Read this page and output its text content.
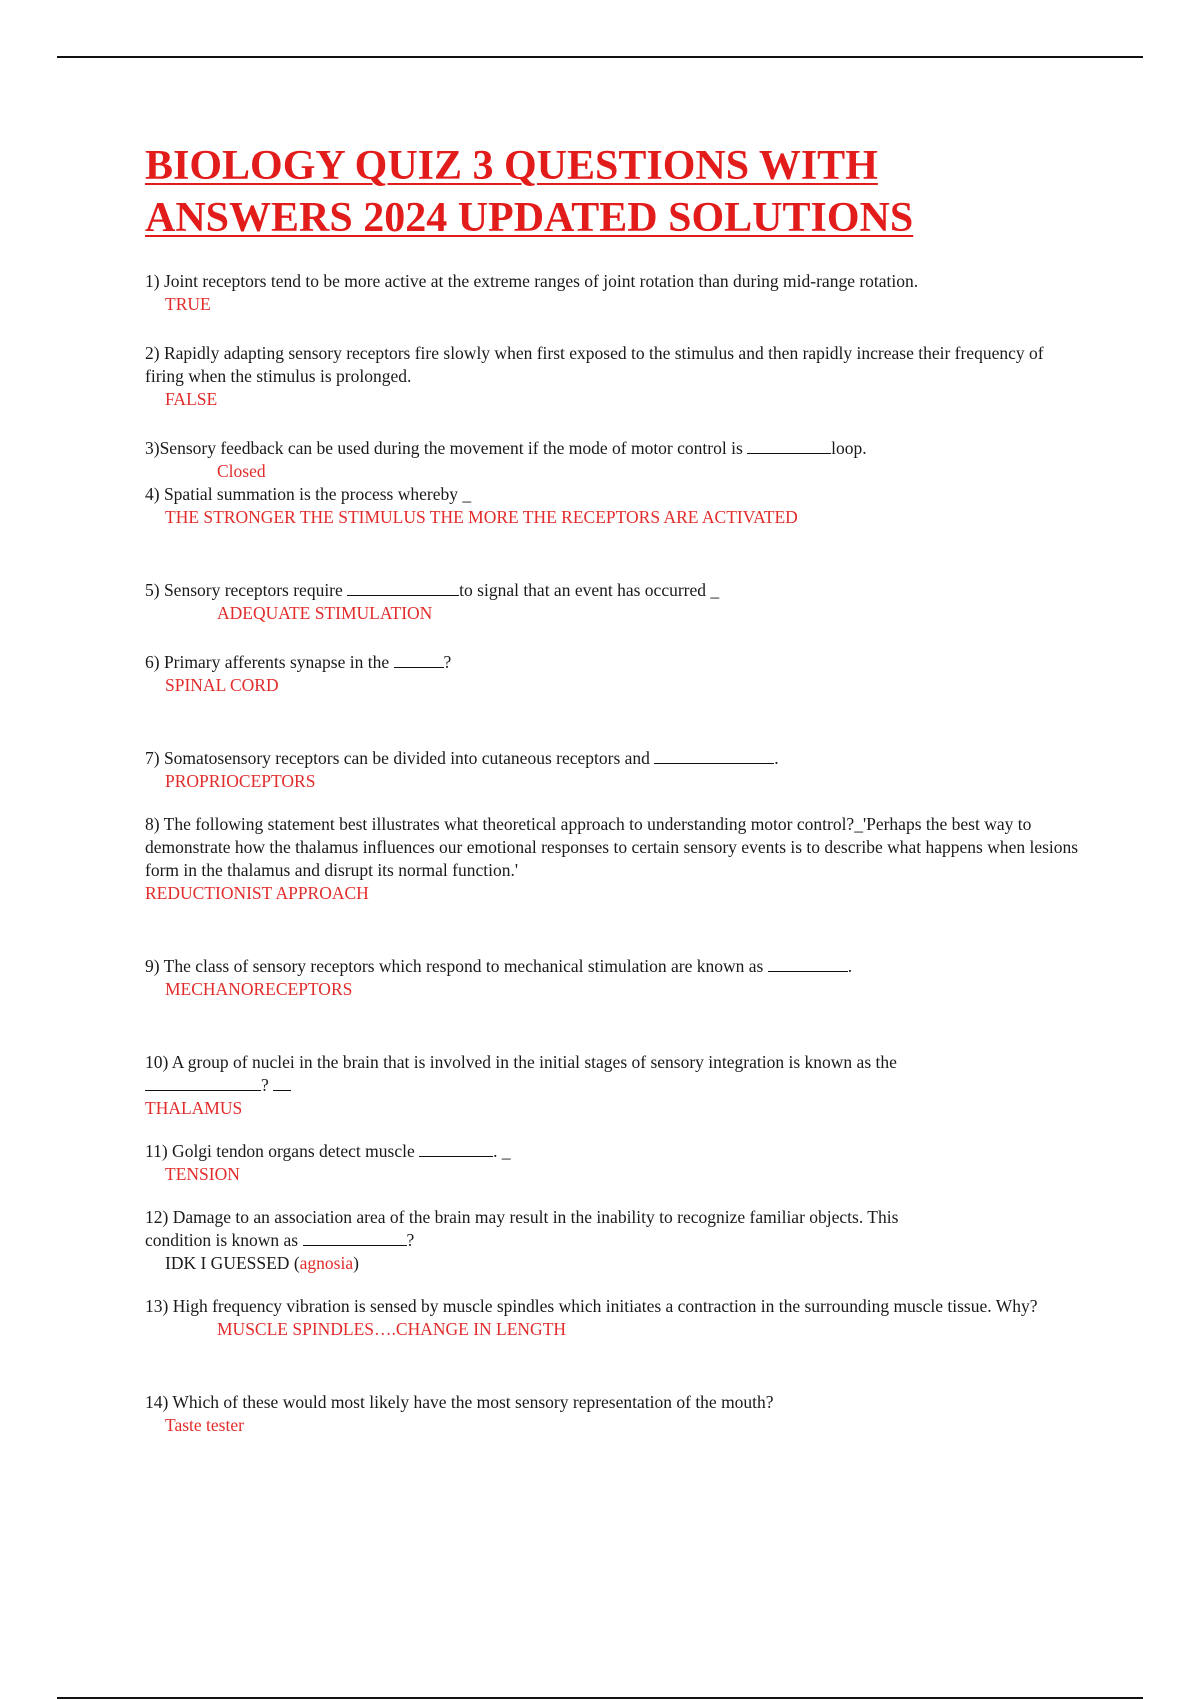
BIOLOGY QUIZ 3 QUESTIONS WITH ANSWERS 2024 UPDATED SOLUTIONS

1) Joint receptors tend to be more active at the extreme ranges of joint rotation than during mid-range rotation.

TRUE

2) Rapidly adapting sensory receptors fire slowly when first exposed to the stimulus and then rapidly increase their frequency of firing when the stimulus is prolonged.

FALSE

3)Sensory feedback can be used during the movement if the mode of motor control is	loop.

Closed

4) Spatial summation is the process whereby _

THE STRONGER THE STIMULUS THE MORE THE RECEPTORS ARE ACTIVATED

5) Sensory receptors require	to signal that an event has occurred _

ADEQUATE STIMULATION

6) Primary afferents synapse in the	?

SPINAL CORD

7) Somatosensory receptors can be divided into cutaneous receptors and	.

PROPRIOCEPTORS

8) The following statement best illustrates what theoretical approach to understanding motor control?_'Perhaps the best way to demonstrate how the thalamus influences our emotional responses to certain sensory events is to describe what happens when lesions form in the thalamus and disrupt its normal function.'

REDUCTIONIST APPROACH

9) The class of sensory receptors which respond to mechanical stimulation are known as	.

MECHANORECEPTORS

10) A group of nuclei in the brain that is involved in the initial stages of sensory integration is known as the

?

THALAMUS

11) Golgi tendon organs detect muscle	. _

TENSION

12) Damage to an association area of the brain may result in the inability to recognize familiar objects. This

condition is known as	?

IDK I GUESSED (agnosia)

13) High frequency vibration is sensed by muscle spindles which initiates a contraction in the surrounding muscle tissue. Why?

MUSCLE SPINDLES….CHANGE IN LENGTH

14) Which of these would most likely have the most sensory representation of the mouth?

Taste tester
